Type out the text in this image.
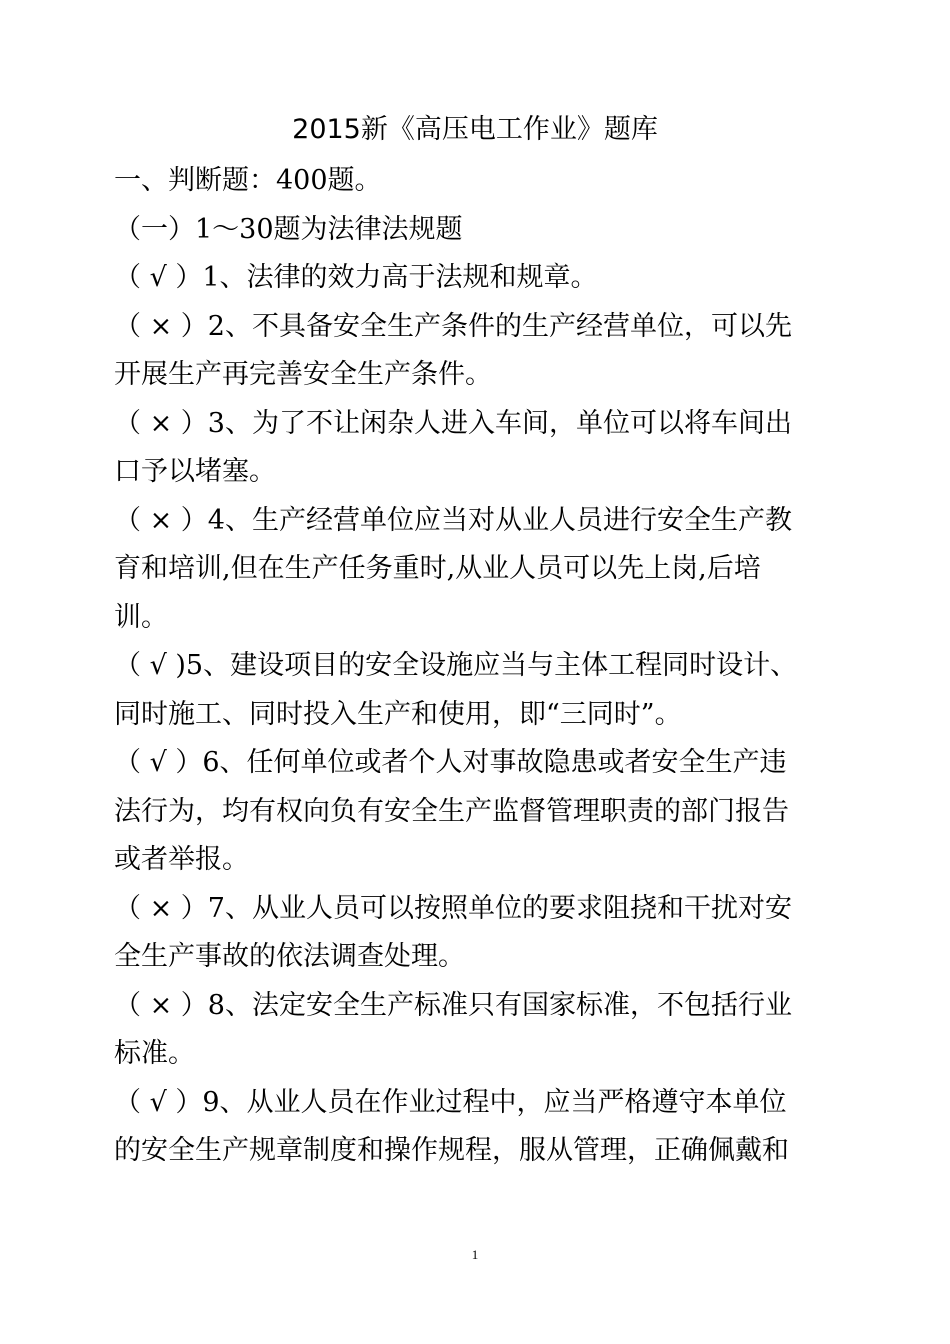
2015新《高压电工作业》题库
一、判断题：400题。
（一）1～30题为法律法规题
（ √ ）1、法律的效力高于法规和规章。
（ × ）2、不具备安全生产条件的生产经营单位，可以先
开展生产再完善安全生产条件。
（ × ）3、为了不让闲杂人进入车间，单位可以将车间出
口予以堵塞。
（ × ）4、生产经营单位应当对从业人员进行安全生产教
育和培训,但在生产任务重时,从业人员可以先上岗,后培
训。
（ √ )5、建设项目的安全设施应当与主体工程同时设计、
同时施工、同时投入生产和使用，即“三同时”。
（ √ ）6、任何单位或者个人对事故隐患或者安全生产违
法行为，均有权向负有安全生产监督管理职责的部门报告
或者举报。
（ × ）7、从业人员可以按照单位的要求阻挠和干扰对安
全生产事故的依法调查处理。
（ × ）8、法定安全生产标准只有国家标准，不包括行业
标准。
（ √ ）9、从业人员在作业过程中，应当严格遵守本单位
的安全生产规章制度和操作规程，服从管理，正确佩戴和
1
